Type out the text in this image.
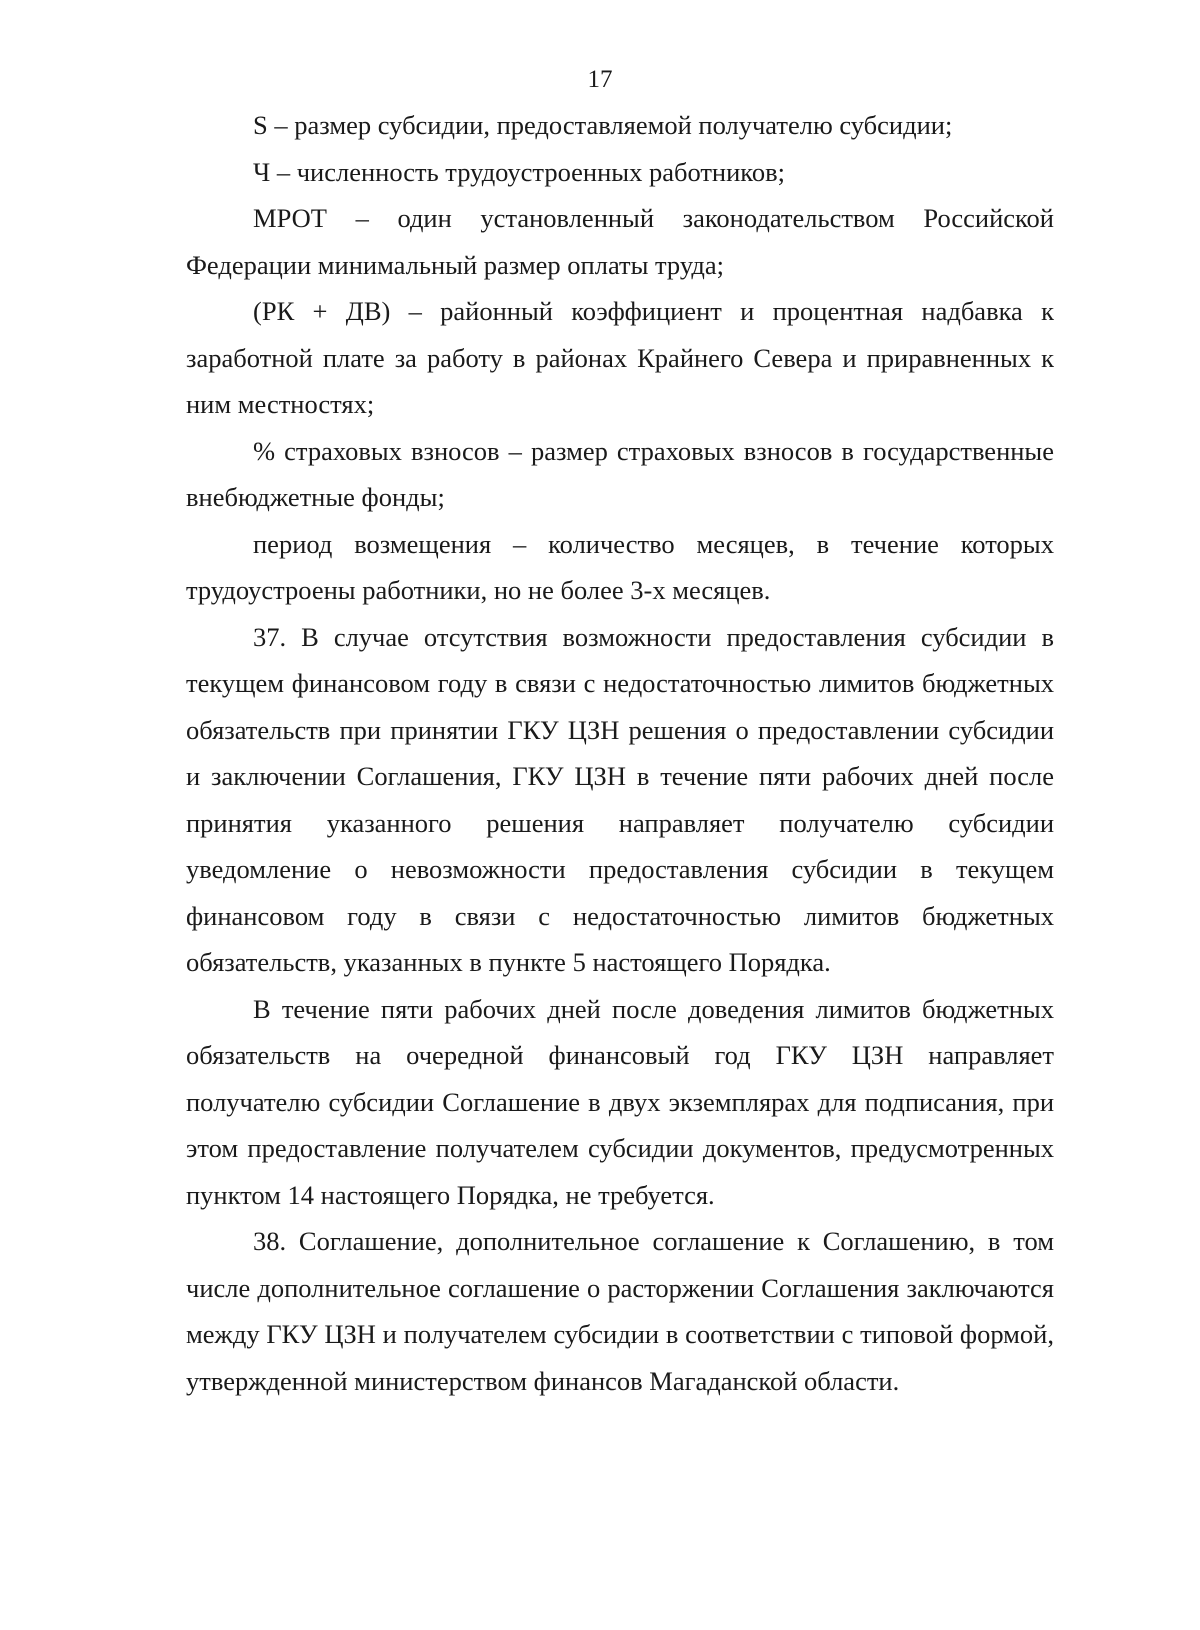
17

S – размер субсидии, предоставляемой получателю субсидии;

Ч – численность трудоустроенных работников;

МРОТ – один установленный законодательством Российской Федерации минимальный размер оплаты труда;

(РК + ДВ) – районный коэффициент и процентная надбавка к заработной плате за работу в районах Крайнего Севера и приравненных к ним местностях;

% страховых взносов – размер страховых взносов в государственные внебюджетные фонды;

период возмещения – количество месяцев, в течение которых трудоустроены работники, но не более 3-х месяцев.

37. В случае отсутствия возможности предоставления субсидии в текущем финансовом году в связи с недостаточностью лимитов бюджетных обязательств при принятии ГКУ ЦЗН решения о предоставлении субсидии и заключении Соглашения, ГКУ ЦЗН в течение пяти рабочих дней после принятия указанного решения направляет получателю субсидии уведомление о невозможности предоставления субсидии в текущем финансовом году в связи с недостаточностью лимитов бюджетных обязательств, указанных в пункте 5 настоящего Порядка.

В течение пяти рабочих дней после доведения лимитов бюджетных обязательств на очередной финансовый год ГКУ ЦЗН направляет получателю субсидии Соглашение в двух экземплярах для подписания, при этом предоставление получателем субсидии документов, предусмотренных пунктом 14 настоящего Порядка, не требуется.

38. Соглашение, дополнительное соглашение к Соглашению, в том числе дополнительное соглашение о расторжении Соглашения заключаются между ГКУ ЦЗН и получателем субсидии в соответствии с типовой формой, утвержденной министерством финансов Магаданской области.
